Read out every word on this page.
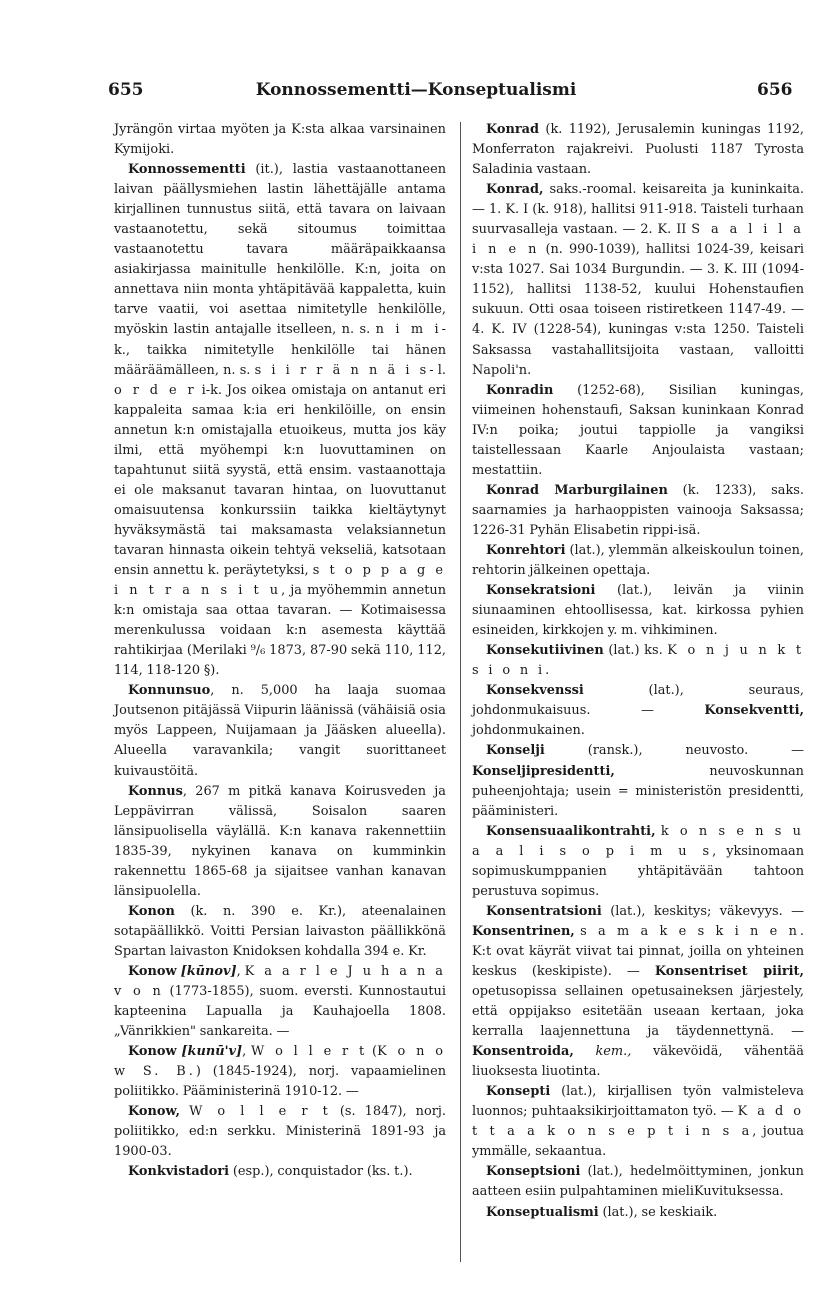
655	Konnossementti—Konseptualismi	656

Jyrängön virtaa myöten ja K:sta alkaa varsinainen Kymijoki.

Konnossementti (it.), lastia vastaanottaneen laivan päällysmiehen lastin lähettäjälle antama kirjallinen tunnustus siitä, että tavara on laivaan vastaanotettu, sekä sitoumus toimittaa vastaanotettu tavara määräpaikkaansa asiakirjassa mainitulle henkilölle. K:n, joita on annettava niin monta yhtäpitävää kappaletta, kuin tarve vaatii, voi asettaa nimitetylle henkilölle, myöskin lastin antajalle itselleen, n. s. n i m i-k., taikka nimitetylle henkilölle tai hänen määräämälleen, n. s. s i i r r ä n n ä i s- l. o r d e r i-k. Jos oikea omistaja on antanut eri kappaleita samaa k:ia eri henkilöille, on ensin annetun k:n omistajalla etuoikeus, mutta jos käy ilmi, että myöhempi k:n luovuttaminen on tapahtunut siitä syystä, että ensim. vastaanottaja ei ole maksanut tavaran hintaa, on luovuttanut omaisuutensa konkurssiin taikka kieltäytynyt hyväksymästä tai maksamasta velaksiannetun tavaran hinnasta oikein tehtyä vekseliä, katsotaan ensin annettu k. peräytetyksi, s t o p p a g e i n t r a n s i t u, ja myöhemmin annetun k:n omistaja saa ottaa tavaran. — Kotimaisessa merenkulussa voidaan k:n asemesta käyttää rahtikirjaa (Merilaki ⁹/₆ 1873, 87-90 sekä 110, 112, 114, 118-120 §).

Konnunsuo, n. 5,000 ha laaja suomaa Joutsenon pitäjässä Viipurin läänissä (vähäisiä osia myös Lappeen, Nuijamaan ja Jääsken alueella). Alueella varavankila; vangit suorittaneet kuivaustöitä.

Konnus, 267 m pitkä kanava Koirusveden ja Leppävirran välissä, Soisalon saaren länsipuolisella väylällä. K:n kanava rakennettiin 1835-39, nykyinen kanava on kumminkin rakennettu 1865-68 ja sijaitsee vanhan kanavan länsipuolella.

Konon (k. n. 390 e. Kr.), ateenalainen sotapäällikkö. Voitti Persian laivaston päällikkönä Spartan laivaston Knidoksen kohdalla 394 e. Kr.

Konow [kūnov], K a a r l e J u h a n a v o n (1773-1855), suom. eversti. Kunnostautui kapteenina Lapualla ja Kauhajoella 1808. „Vänrikkien" sankareita. —

Konow [kunū'v], W o l l e r t (K o n o w S. B.) (1845-1924), norj. vapaamielinen poliitikko. Pääministerinä 1910-12. —

Konow, W o l l e r t (s. 1847), norj. poliitikko, ed:n serkku. Ministerinä 1891-93 ja 1900-03.

Konkvistadori (esp.), conquistador (ks. t.).

Konrad (k. 1192), Jerusalemin kuningas 1192, Monferraton rajakreivi. Puolusti 1187 Tyrosta Saladinia vastaan.

Konrad, saks.-roomal. keisareita ja kuninkaita. — 1. K. I (k. 918), hallitsi 911-918. Taisteli turhaan suurvasalleja vastaan. — 2. K. II S a a l i l a i n e n (n. 990-1039), hallitsi 1024-39, keisari v:sta 1027. Sai 1034 Burgundin. — 3. K. III (1094-1152), hallitsi 1138-52, kuului Hohenstaufien sukuun. Otti osaa toiseen ristiretkeen 1147-49. — 4. K. IV (1228-54), kuningas v:sta 1250. Taisteli Saksassa vastahallitsijoita vastaan, valloitti Napoli'n.

Konradin (1252-68), Sisilian kuningas, viimeinen hohenstaufi, Saksan kuninkaan Konrad IV:n poika; joutui tappiolle ja vangiksi taistellessaan Kaarle Anjoulaista vastaan; mestattiin.

Konrad Marburgilainen (k. 1233), saks. saarnamies ja harhaoppisten vainooja Saksassa; 1226-31 Pyhän Elisabetin rippi-isä.

Konrehtori (lat.), ylemmän alkeiskoulun toinen, rehtorin jälkeinen opettaja.

Konsekratsioni (lat.), leivän ja viinin siunaaminen ehtoollisessa, kat. kirkossa pyhien esineiden, kirkkojen y. m. vihkiminen.

Konsekutiivinen (lat.) ks. K o n j u n k t s i o n i.

Konsekvenssi (lat.), seuraus, johdonmukaisuus. — Konsekventti, johdonmukainen.

Konselji (ransk.), neuvosto. — Konseljipresidentti, neuvoskunnan puheenjohtaja; usein = ministeristön presidentti, pääministeri.

Konsensuaalikontrahti, k o n s e n s u a a l i s o p i m u s, yksinomaan sopimuskumppanien yhtäpitävään tahtoon perustuva sopimus.

Konsentratsioni (lat.), keskitys; väkevyys. — Konsentrinen, s a m a k e s k i n e n. K:t ovat käyrät viivat tai pinnat, joilla on yhteinen keskus (keskipiste). — Konsentriset piirit, opetusopissa sellainen opetusaineksen järjestely, että oppijakso esitetään useaan kertaan, joka kerralla laajennettuna ja täydennettynä. — Konsentroida, kem., väkevöidä, vähentää liuoksesta liuotinta.

Konsepti (lat.), kirjallisen työn valmisteleva luonnos; puhtaaksikirjoittamaton työ. — K a d o t t a a k o n s e p t i n s a, joutua ymmälle, sekaantua.

Konseptsioni (lat.), hedelmöittyminen, jonkun aatteen esiin pulpahtaminen mieliKuvituksessa.

Konseptualismi (lat.), se keskiaik.
